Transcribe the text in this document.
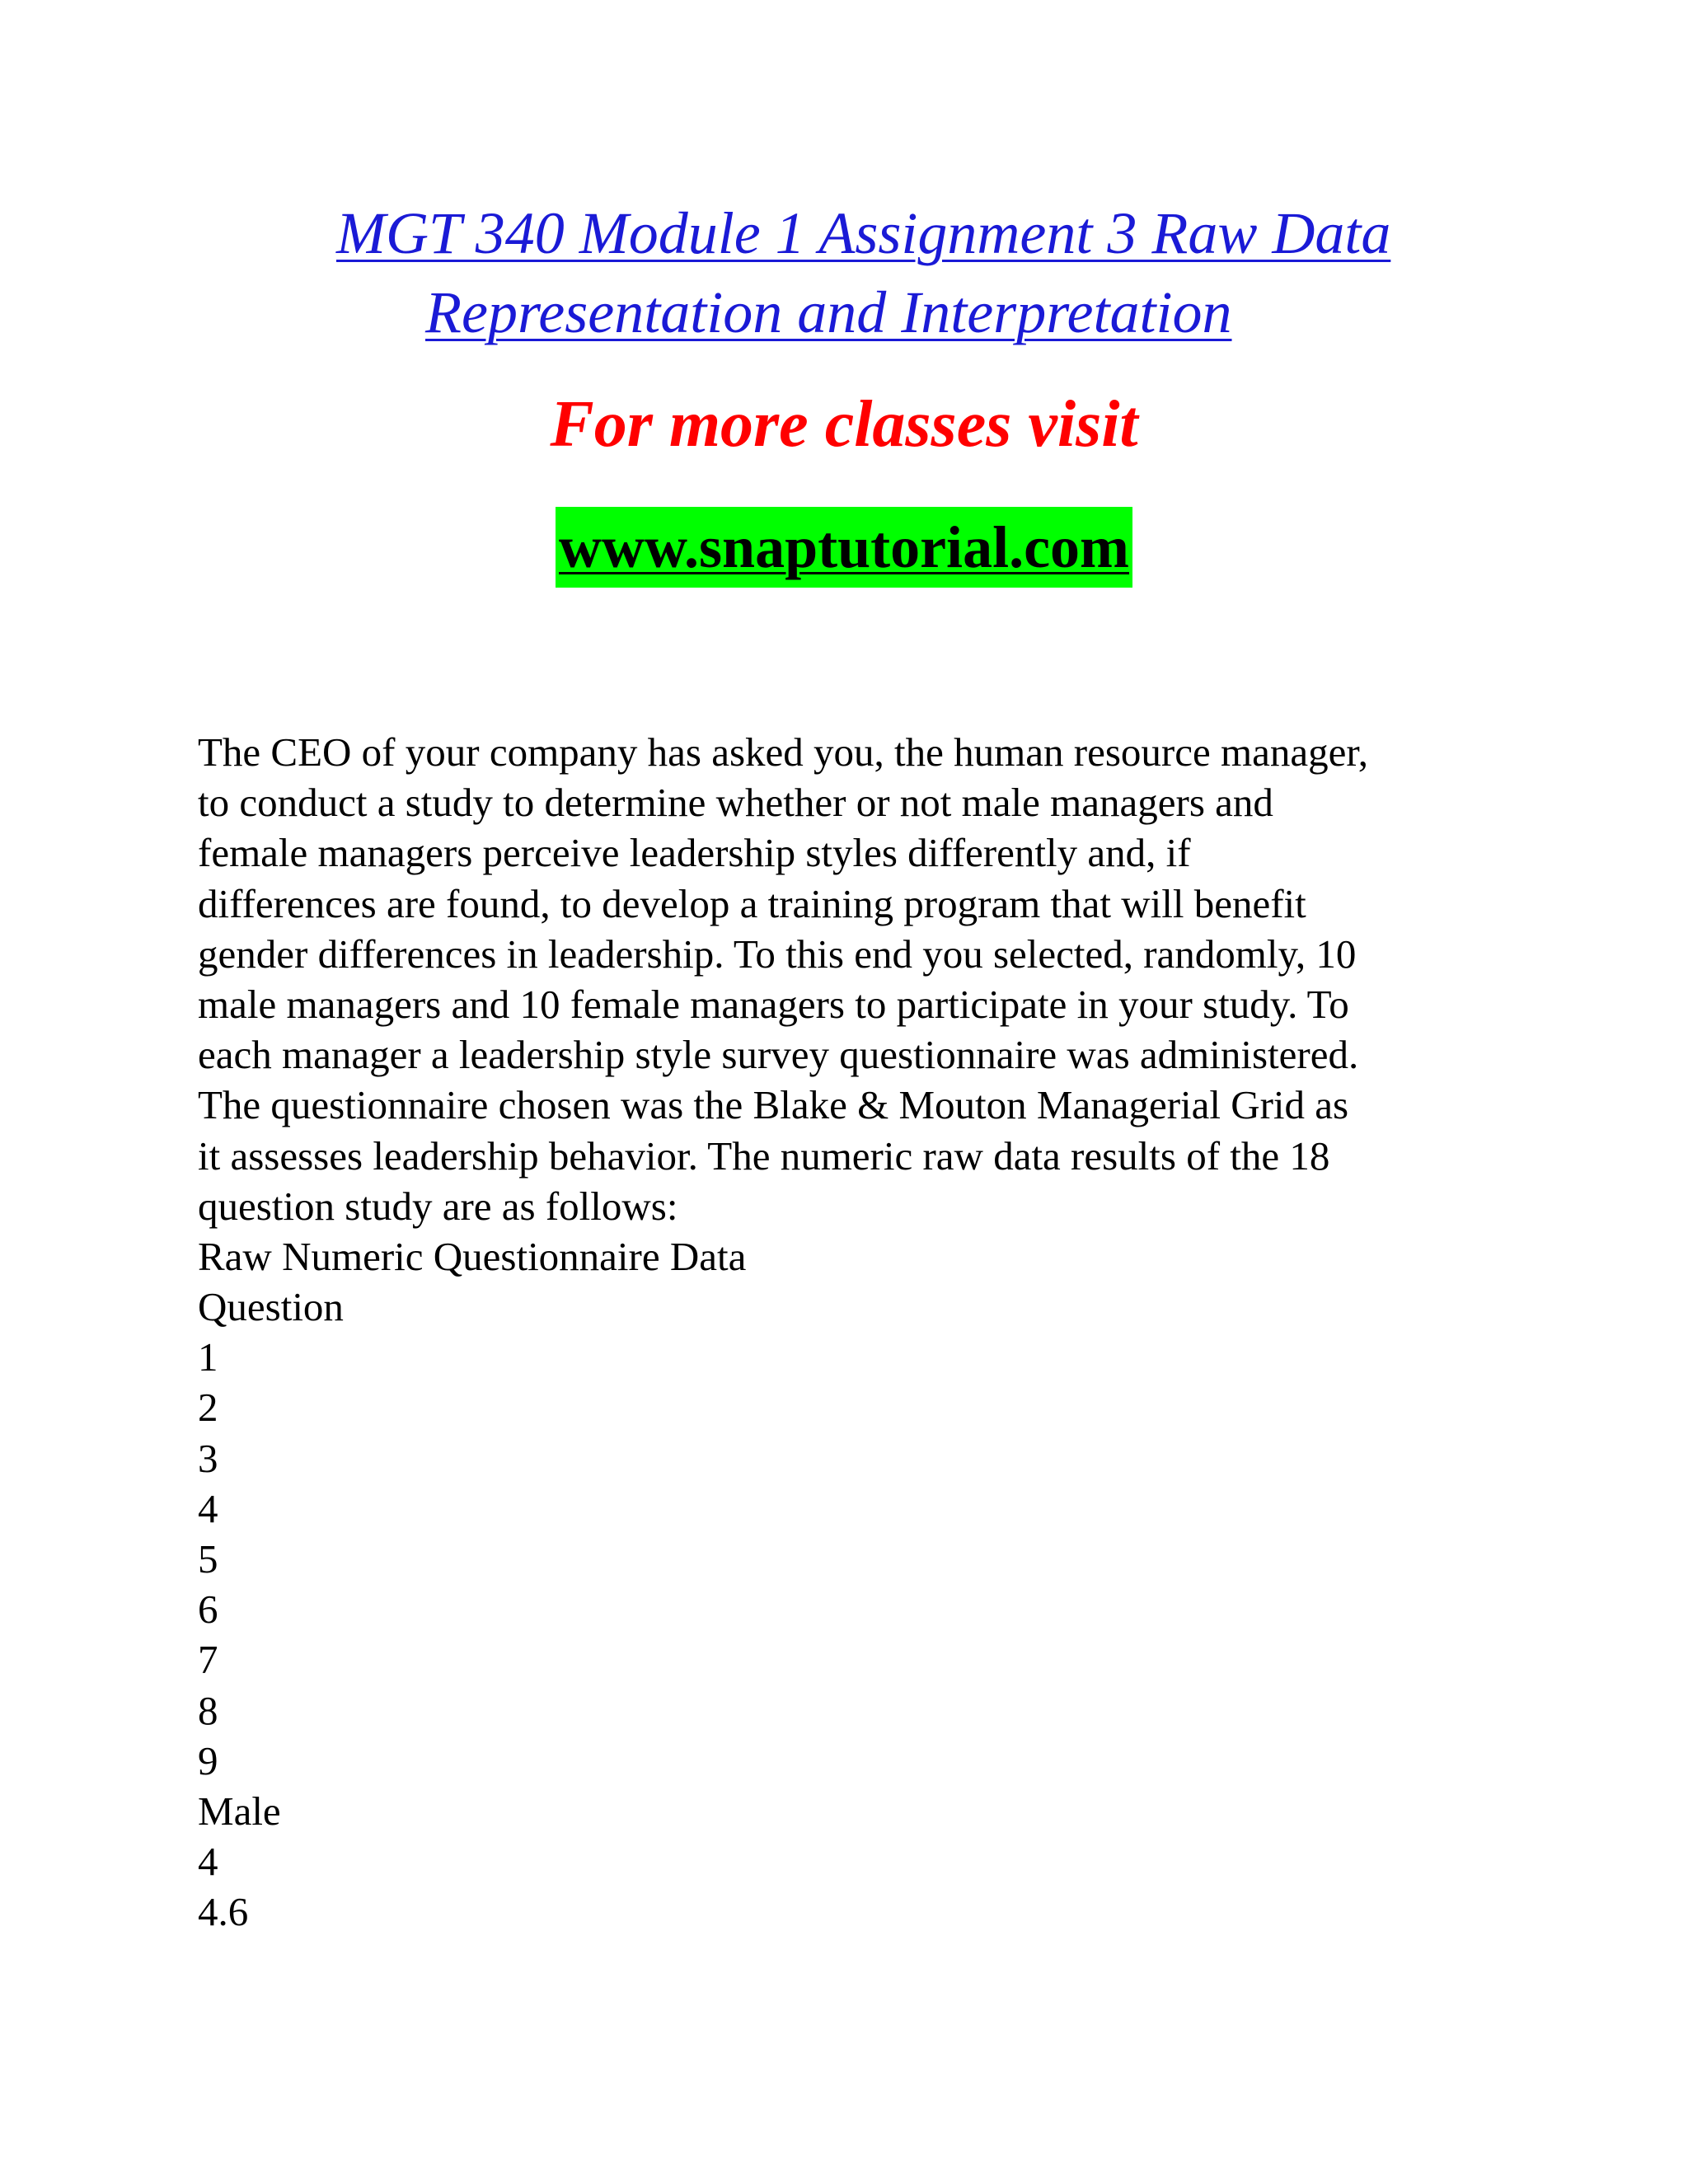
MGT 340 Module 1 Assignment 3 Raw Data
Representation and Interpretation
For more classes visit
www.snaptutorial.com
The CEO of your company has asked you, the human resource manager,
to conduct a study to determine whether or not male managers and
female managers perceive leadership styles differently and, if
differences are found, to develop a training program that will benefit
gender differences in leadership. To this end you selected, randomly, 10
male managers and 10 female managers to participate in your study. To
each manager a leadership style survey questionnaire was administered.
The questionnaire chosen was the Blake & Mouton Managerial Grid as
it assesses leadership behavior. The numeric raw data results of the 18
question study are as follows:
Raw Numeric Questionnaire Data
Question
1
2
3
4
5
6
7
8
9
Male
4
4.6
